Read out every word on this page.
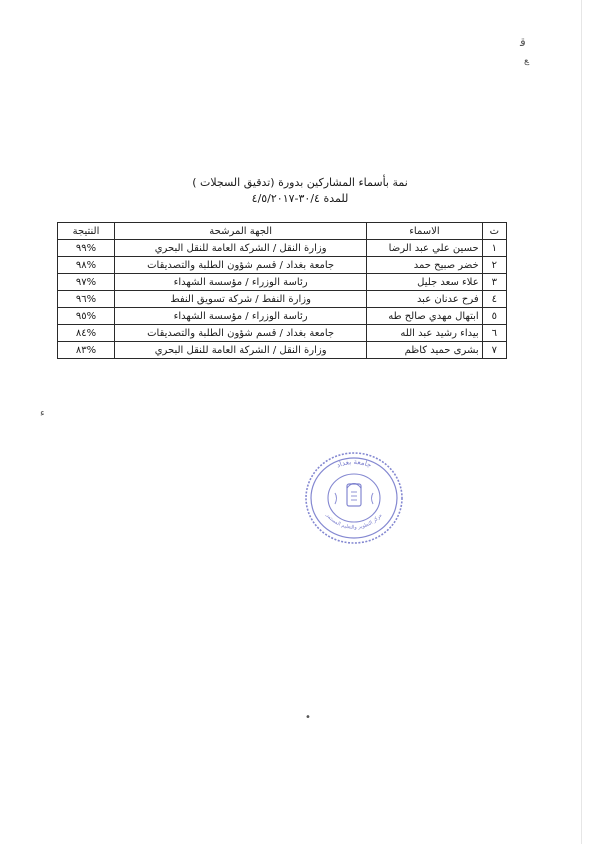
ﻗ
ﻊ
نمة بأسماء المشاركين بدورة (تدقيق السجلات )
للمدة ٣٠/٤-٤/٥/٢٠١٧
ت	الاسماء	الجهة المرشحة	النتيجة
١	حسين علي عبد الرضا	وزارة النقل / الشركة العامة للنقل البحري	%٩٩
٢	خضر صبيح حمد	جامعة بغداد / قسم شؤون الطلبة والتصديقات	%٩٨
٣	علاء سعد جليل	رئاسة الوزراء / مؤسسة الشهداء	%٩٧
٤	فرح عدنان عبد	وزارة النفط / شركة تسويق النفط	%٩٦
٥	ابتهال مهدي صالح طه	رئاسة الوزراء / مؤسسة الشهداء	%٩٥
٦	بيداء رشيد عبد الله	جامعة بغداد / قسم شؤون الطلبة والتصديقات	%٨٤
٧	بشرى حميد كاظم	وزارة النقل / الشركة العامة للنقل البحري	%٨٣
ء
جامعة بغداد
مركز التطوير والتعليم المستمر
•
